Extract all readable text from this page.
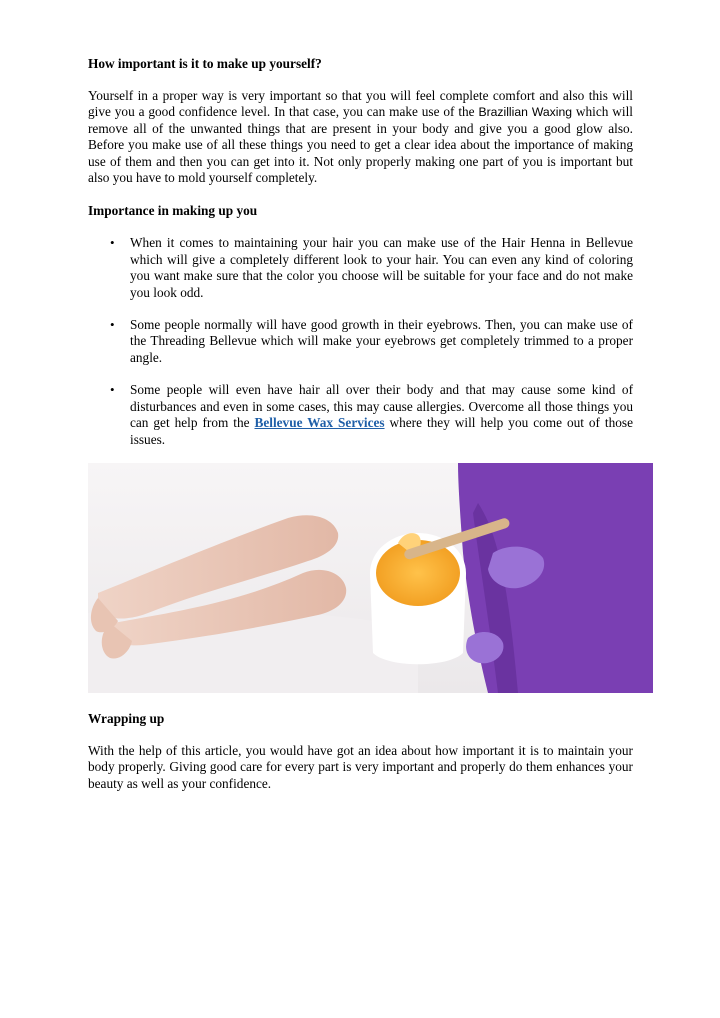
How important is it to make up yourself?

Yourself in a proper way is very important so that you will feel complete comfort and also this will give you a good confidence level. In that case, you can make use of the Brazillian Waxing which will remove all of the unwanted things that are present in your body and give you a good glow also. Before you make use of all these things you need to get a clear idea about the importance of making use of them and then you can get into it. Not only properly making one part of you is important but also you have to mold yourself completely.

Importance in making up you
• When it comes to maintaining your hair you can make use of the Hair Henna in Bellevue which will give a completely different look to your hair. You can even any kind of coloring you want make sure that the color you choose will be suitable for your face and do not make you look odd.
• Some people normally will have good growth in their eyebrows. Then, you can make use of the Threading Bellevue which will make your eyebrows get completely trimmed to a proper angle.
• Some people will even have hair all over their body and that may cause some kind of disturbances and even in some cases, this may cause allergies. Overcome all those things you can get help from the Bellevue Wax Services where they will help you come out of those issues.
Wrapping up

With the help of this article, you would have got an idea about how important it is to maintain your body properly. Giving good care for every part is very important and properly do them enhances your beauty as well as your confidence.
